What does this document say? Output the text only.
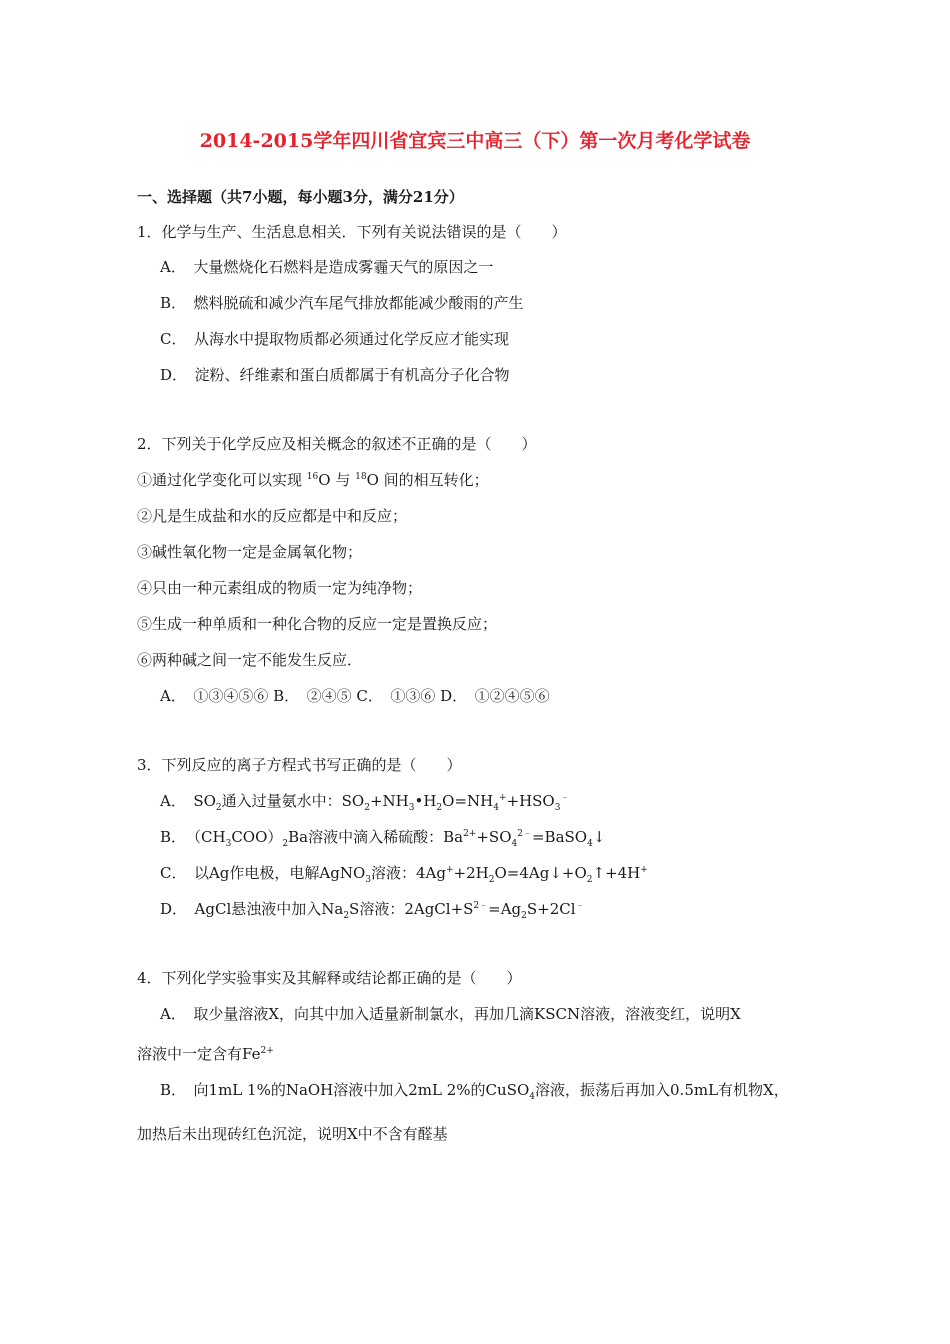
2014-2015学年四川省宜宾三中高三（下）第一次月考化学试卷
一、选择题（共7小题，每小题3分，满分21分）
1．化学与生产、生活息息相关．下列有关说法错误的是（　　）
A．　大量燃烧化石燃料是造成雾霾天气的原因之一
B．　燃料脱硫和减少汽车尾气排放都能减少酸雨的产生
C．　从海水中提取物质都必须通过化学反应才能实现
D．　淀粉、纤维素和蛋白质都属于有机高分子化合物
2．下列关于化学反应及相关概念的叙述不正确的是（　　）
①通过化学变化可以实现 $^{16}$O 与 $^{18}$O 间的相互转化；
②凡是生成盐和水的反应都是中和反应；
③碱性氧化物一定是金属氧化物；
④只由一种元素组成的物质一定为纯净物；
⑤生成一种单质和一种化合物的反应一定是置换反应；
⑥两种碱之间一定不能发生反应．
A．　①③④⑤⑥ B．　②④⑤ C．　①③⑥ D．　①②④⑤⑥
3．下列反应的离子方程式书写正确的是（　　）
A．　$SO_2$通入过量氨水中：$SO_2+NH_3•H_2O=NH_4^++HSO_3^﹣$
B．　$(CH_3COO)_2Ba$溶液中滴入稀硫酸：$Ba^{2+}+SO_4^{2﹣}=BaSO_4↓$
C．　以Ag作电极，电解AgNO$_3$溶液：$4Ag^++2H_2O=4Ag↓+O_2↑+4H^+$
D．　AgCl悬浊液中加入$Na_2S$溶液：$2AgCl+S^{2﹣}=Ag_2S+2Cl^﹣$
4．下列化学实验事实及其解释或结论都正确的是（　　）
A．　取少量溶液X，向其中加入适量新制氯水，再加几滴KSCN溶液，溶液变红，说明X
溶液中一定含有$Fe^{2+}$
B．　向1mL 1%的NaOH溶液中加入2mL 2%的CuSO$_4$溶液，振荡后再加入0.5mL有机物X，
加热后未出现砖红色沉淀，说明X中不含有醛基
